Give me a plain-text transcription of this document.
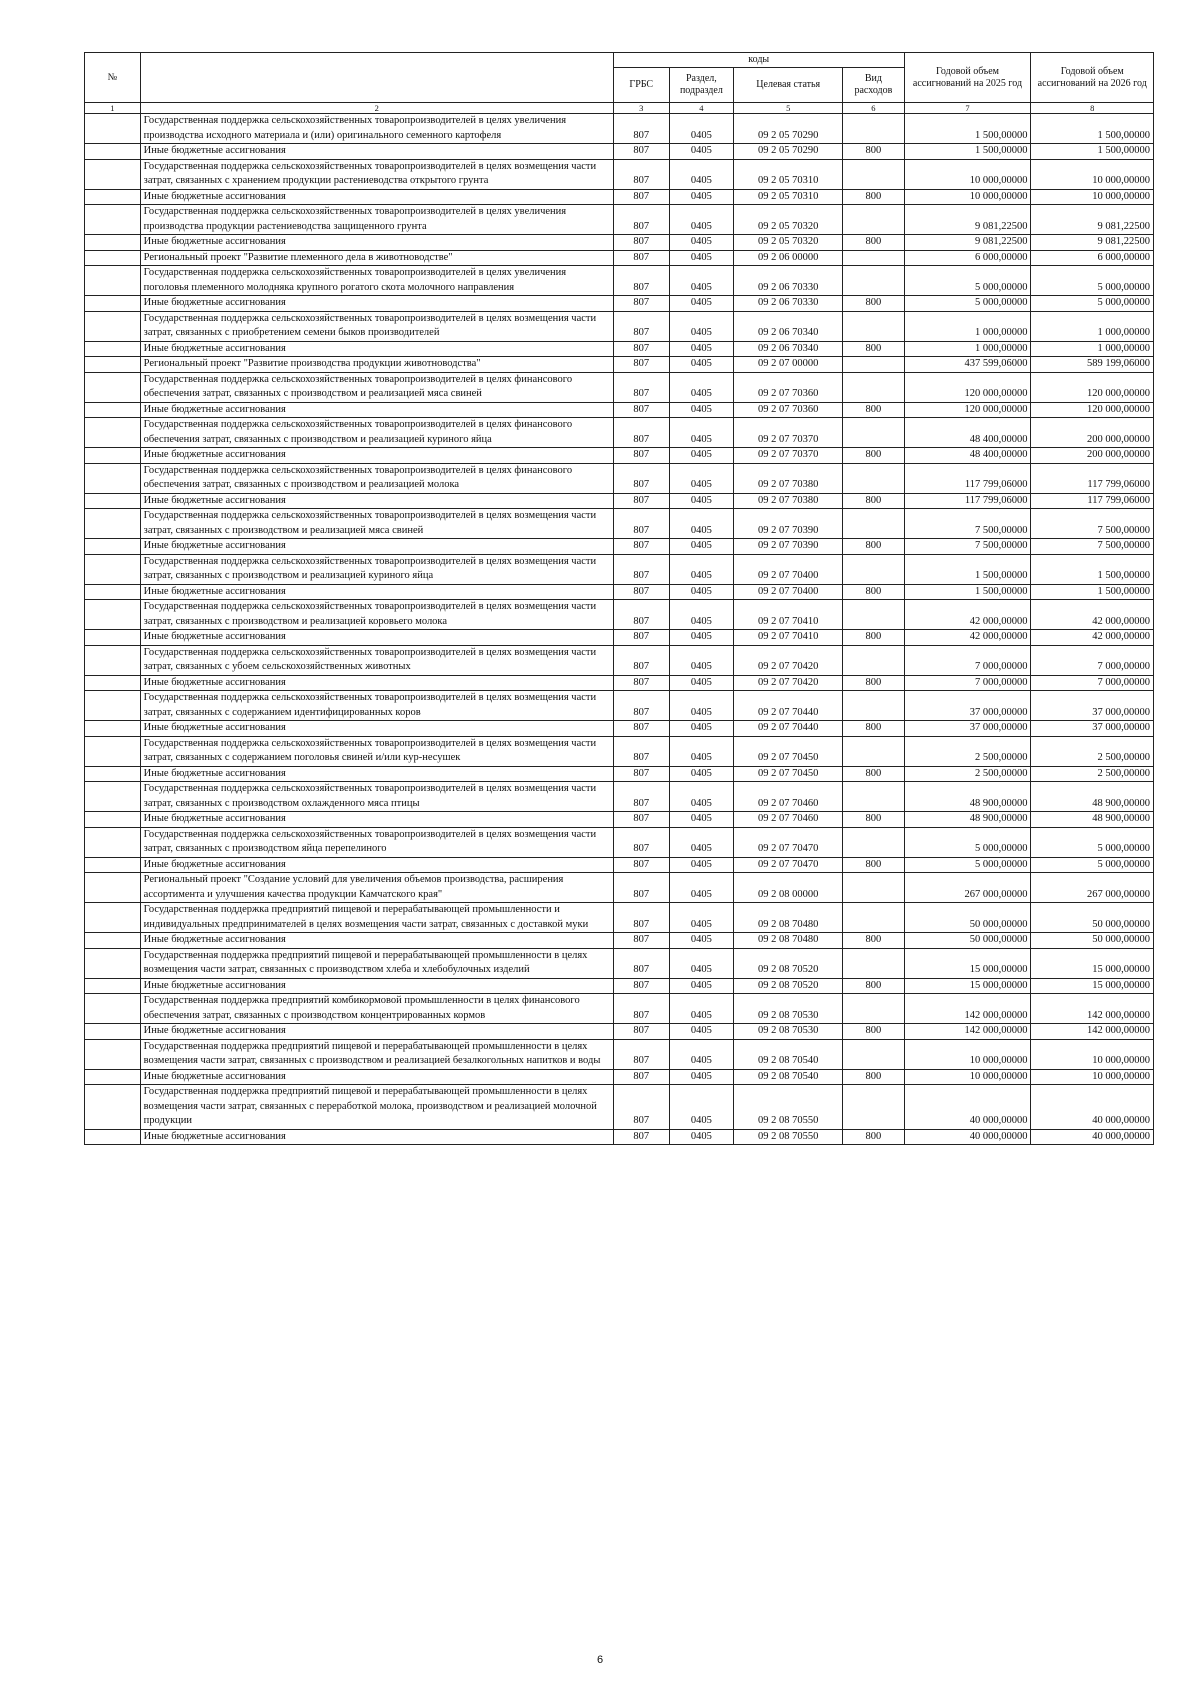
№		коды				Годовой объем ассигнований на 2025 год	Годовой объем ассигнований на 2026 год
		ГРБС	Раздел, подраздел	Целевая статья	Вид расходов		
1	2	3	4	5	6	7	8
	Государственная поддержка сельскохозяйственных товаропроизводителей в целях увеличения производства исходного материала и (или) оригинального семенного картофеля	807	0405	09 2 05 70290		1 500,00000	1 500,00000
	Иные бюджетные ассигнования	807	0405	09 2 05 70290	800	1 500,00000	1 500,00000
	Государственная поддержка сельскохозяйственных товаропроизводителей в целях возмещения части затрат, связанных с хранением продукции растениеводства открытого грунта	807	0405	09 2 05 70310		10 000,00000	10 000,00000
	Иные бюджетные ассигнования	807	0405	09 2 05 70310	800	10 000,00000	10 000,00000
	Государственная поддержка сельскохозяйственных товаропроизводителей в целях увеличения производства продукции растениеводства защищенного грунта	807	0405	09 2 05 70320		9 081,22500	9 081,22500
	Иные бюджетные ассигнования	807	0405	09 2 05 70320	800	9 081,22500	9 081,22500
	Региональный проект "Развитие племенного дела в животноводстве"	807	0405	09 2 06 00000		6 000,00000	6 000,00000
	Государственная поддержка сельскохозяйственных товаропроизводителей в целях увеличения поголовья племенного молодняка крупного рогатого скота молочного направления	807	0405	09 2 06 70330		5 000,00000	5 000,00000
	Иные бюджетные ассигнования	807	0405	09 2 06 70330	800	5 000,00000	5 000,00000
	Государственная поддержка сельскохозяйственных товаропроизводителей в целях возмещения части затрат, связанных с приобретением семени быков производителей	807	0405	09 2 06 70340		1 000,00000	1 000,00000
	Иные бюджетные ассигнования	807	0405	09 2 06 70340	800	1 000,00000	1 000,00000
	Региональный проект "Развитие производства продукции животноводства"	807	0405	09 2 07 00000		437 599,06000	589 199,06000
	Государственная поддержка сельскохозяйственных товаропроизводителей в целях финансового обеспечения затрат, связанных с производством и реализацией мяса свиней	807	0405	09 2 07 70360		120 000,00000	120 000,00000
	Иные бюджетные ассигнования	807	0405	09 2 07 70360	800	120 000,00000	120 000,00000
	Государственная поддержка сельскохозяйственных товаропроизводителей в целях финансового обеспечения затрат, связанных с производством и реализацией куриного яйца	807	0405	09 2 07 70370		48 400,00000	200 000,00000
	Иные бюджетные ассигнования	807	0405	09 2 07 70370	800	48 400,00000	200 000,00000
	Государственная поддержка сельскохозяйственных товаропроизводителей в целях финансового обеспечения затрат, связанных с производством и реализацией молока	807	0405	09 2 07 70380		117 799,06000	117 799,06000
	Иные бюджетные ассигнования	807	0405	09 2 07 70380	800	117 799,06000	117 799,06000
	Государственная поддержка сельскохозяйственных товаропроизводителей в целях возмещения части затрат, связанных с производством и реализацией мяса свиней	807	0405	09 2 07 70390		7 500,00000	7 500,00000
	Иные бюджетные ассигнования	807	0405	09 2 07 70390	800	7 500,00000	7 500,00000
	Государственная поддержка сельскохозяйственных товаропроизводителей в целях возмещения части затрат, связанных с производством и реализацией куриного яйца	807	0405	09 2 07 70400		1 500,00000	1 500,00000
	Иные бюджетные ассигнования	807	0405	09 2 07 70400	800	1 500,00000	1 500,00000
	Государственная поддержка сельскохозяйственных товаропроизводителей в целях возмещения части затрат, связанных с производством и реализацией коровьего молока	807	0405	09 2 07 70410		42 000,00000	42 000,00000
	Иные бюджетные ассигнования	807	0405	09 2 07 70410	800	42 000,00000	42 000,00000
	Государственная поддержка сельскохозяйственных товаропроизводителей в целях возмещения части затрат, связанных с убоем сельскохозяйственных животных	807	0405	09 2 07 70420		7 000,00000	7 000,00000
	Иные бюджетные ассигнования	807	0405	09 2 07 70420	800	7 000,00000	7 000,00000
	Государственная поддержка сельскохозяйственных товаропроизводителей в целях возмещения части затрат, связанных с содержанием идентифицированных коров	807	0405	09 2 07 70440		37 000,00000	37 000,00000
	Иные бюджетные ассигнования	807	0405	09 2 07 70440	800	37 000,00000	37 000,00000
	Государственная поддержка сельскохозяйственных товаропроизводителей в целях возмещения части затрат, связанных с содержанием поголовья свиней и/или кур-несушек	807	0405	09 2 07 70450		2 500,00000	2 500,00000
	Иные бюджетные ассигнования	807	0405	09 2 07 70450	800	2 500,00000	2 500,00000
	Государственная поддержка сельскохозяйственных товаропроизводителей в целях возмещения части затрат, связанных с производством охлажденного мяса птицы	807	0405	09 2 07 70460		48 900,00000	48 900,00000
	Иные бюджетные ассигнования	807	0405	09 2 07 70460	800	48 900,00000	48 900,00000
	Государственная поддержка сельскохозяйственных товаропроизводителей в целях возмещения части затрат, связанных с производством яйца перепелиного	807	0405	09 2 07 70470		5 000,00000	5 000,00000
	Иные бюджетные ассигнования	807	0405	09 2 07 70470	800	5 000,00000	5 000,00000
	Региональный проект "Создание условий для увеличения объемов производства, расширения ассортимента и улучшения качества продукции Камчатского края"	807	0405	09 2 08 00000		267 000,00000	267 000,00000
	Государственная поддержка предприятий пищевой и перерабатывающей промышленности и индивидуальных предпринимателей в целях возмещения части затрат, связанных с доставкой муки	807	0405	09 2 08 70480		50 000,00000	50 000,00000
	Иные бюджетные ассигнования	807	0405	09 2 08 70480	800	50 000,00000	50 000,00000
	Государственная поддержка предприятий пищевой и перерабатывающей промышленности в целях возмещения части затрат, связанных с производством хлеба и хлебобулочных изделий	807	0405	09 2 08 70520		15 000,00000	15 000,00000
	Иные бюджетные ассигнования	807	0405	09 2 08 70520	800	15 000,00000	15 000,00000
	Государственная поддержка предприятий комбикормовой промышленности в целях финансового обеспечения затрат, связанных с производством концентрированных кормов	807	0405	09 2 08 70530		142 000,00000	142 000,00000
	Иные бюджетные ассигнования	807	0405	09 2 08 70530	800	142 000,00000	142 000,00000
	Государственная поддержка предприятий пищевой и перерабатывающей промышленности в целях возмещения части затрат, связанных с производством и реализацией безалкогольных напитков и воды	807	0405	09 2 08 70540		10 000,00000	10 000,00000
	Иные бюджетные ассигнования	807	0405	09 2 08 70540	800	10 000,00000	10 000,00000
	Государственная поддержка предприятий пищевой и перерабатывающей промышленности в целях возмещения части затрат, связанных с переработкой молока, производством и реализацией молочной продукции	807	0405	09 2 08 70550		40 000,00000	40 000,00000
	Иные бюджетные ассигнования	807	0405	09 2 08 70550	800	40 000,00000	40 000,00000
6
